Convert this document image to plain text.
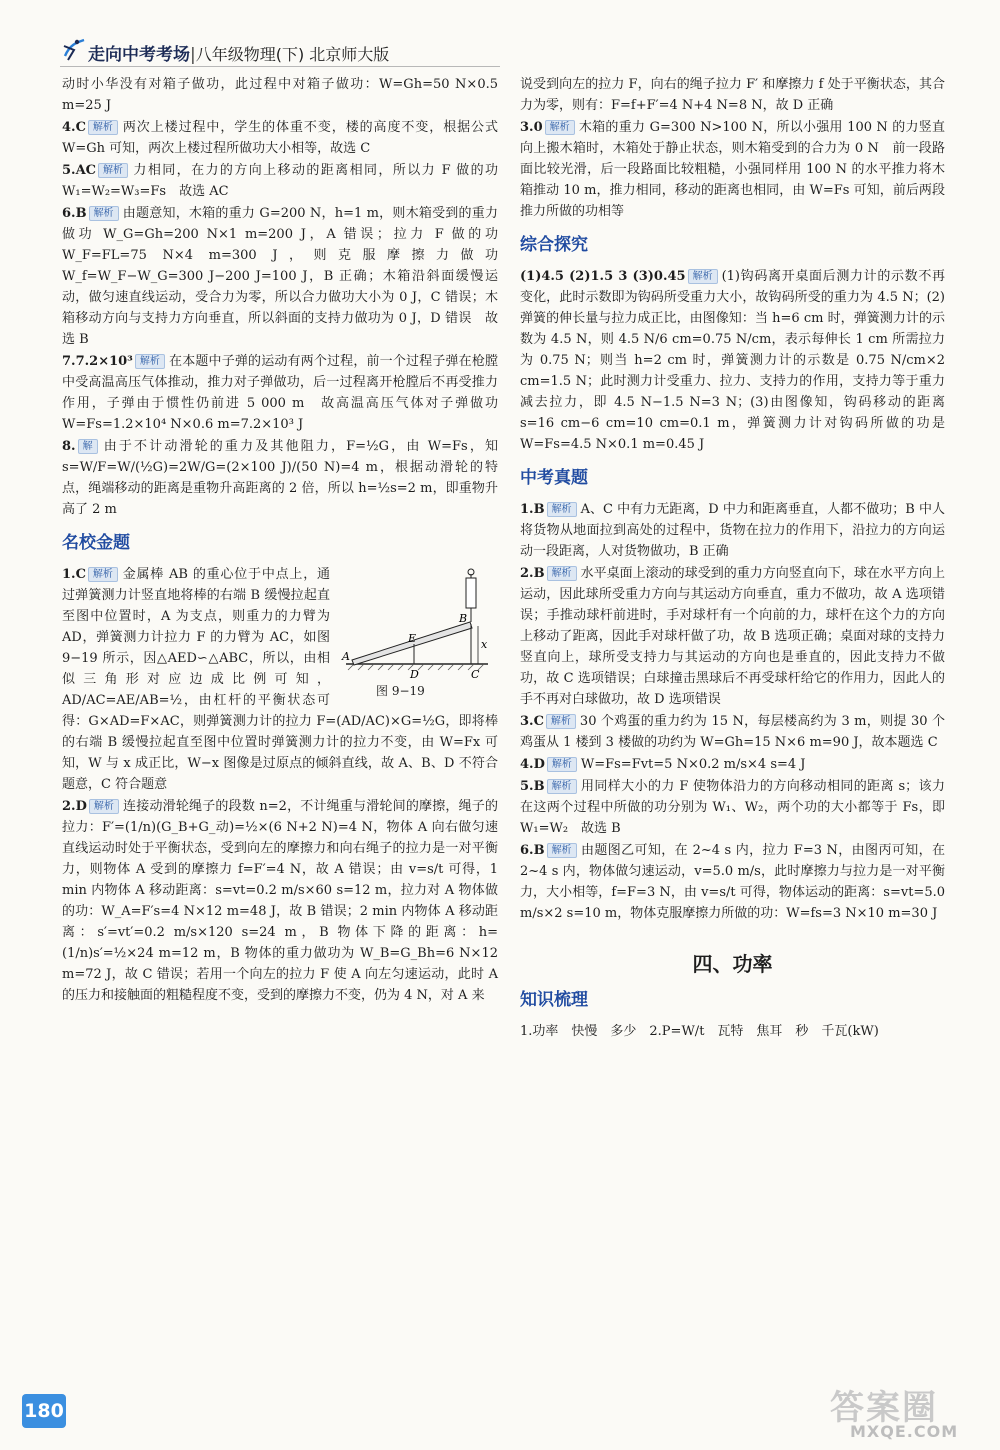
走向中考考场|八年级物理(下) 北京师大版
动时小华没有对箱子做功，此过程中对箱子做功：W=Gh=50 N×0.5 m=25 J
4.C 解析 两次上楼过程中，学生的体重不变，楼的高度不变，根据公式 W=Gh 可知，两次上楼过程所做功大小相等，故选 C
5.AC 解析 力相同，在力的方向上移动的距离相同，所以力 F 做的功 W₁=W₂=W₃=Fs　故选 AC
6.B 解析 由题意知，木箱的重力 G=200 N，h=1 m，则木箱受到的重力做功 W_G=Gh=200 N×1 m=200 J，A 错误；拉力 F 做的功 W_F=FL=75 N×4 m=300 J，则克服摩擦力做功 W_f=W_F−W_G=300 J−200 J=100 J，B 正确；木箱沿斜面缓慢运动，做匀速直线运动，受合力为零，所以合力做功大小为 0 J，C 错误；木箱移动方向与支持力方向垂直，所以斜面的支持力做功为 0 J，D 错误　故选 B
7.7.2×10³ 解析 在本题中子弹的运动有两个过程，前一个过程子弹在枪膛中受高温高压气体推动，推力对子弹做功，后一过程离开枪膛后不再受推力作用，子弹由于惯性仍前进 5 000 m　故高温高压气体对子弹做功 W=Fs=1.2×10⁴ N×0.6 m=7.2×10³ J
8. 解 由于不计动滑轮的重力及其他阻力，F=½G，由 W=Fs，知 s=W/F=W/(½G)=2W/G=(2×100 J)/(50 N)=4 m，根据动滑轮的特点，绳端移动的距离是重物升高距离的 2 倍，所以 h=½s=2 m，即重物升高了 2 m
名校金题
A
B
C
D
E	x
图 9−19
1.C 解析 金属棒 AB 的重心位于中点上，通过弹簧测力计竖直地将棒的右端 B 缓慢拉起直至图中位置时，A 为支点，则重力的力臂为 AD，弹簧测力计拉力 F 的力臂为 AC，如图 9−19 所示，因△AED∽△ABC，所以，由相似三角形对应边成比例可知，AD/AC=AE/AB=½，由杠杆的平衡状态可得：G×AD=F×AC，则弹簧测力计的拉力 F=(AD/AC)×G=½G，即将棒的右端 B 缓慢拉起直至图中位置时弹簧测力计的拉力不变，由 W=Fx 可知，W 与 x 成正比，W−x 图像是过原点的倾斜直线，故 A、B、D 不符合题意，C 符合题意
2.D 解析 连接动滑轮绳子的段数 n=2，不计绳重与滑轮间的摩擦，绳子的拉力：F′=(1/n)(G_B+G_动)=½×(6 N+2 N)=4 N，物体 A 向右做匀速直线运动时处于平衡状态，受到向左的摩擦力和向右绳子的拉力是一对平衡力，则物体 A 受到的摩擦力 f=F′=4 N，故 A 错误；由 v=s/t 可得，1 min 内物体 A 移动距离：s=vt=0.2 m/s×60 s=12 m，拉力对 A 物体做的功：W_A=F′s=4 N×12 m=48 J，故 B 错误；2 min 内物体 A 移动距离：s′=vt′=0.2 m/s×120 s=24 m，B 物体下降的距离：h=(1/n)s′=½×24 m=12 m，B 物体的重力做功为 W_B=G_Bh=6 N×12 m=72 J，故 C 错误；若用一个向左的拉力 F 使 A 向左匀速运动，此时 A 的压力和接触面的粗糙程度不变，受到的摩擦力不变，仍为 4 N，对 A 来
说受到向左的拉力 F，向右的绳子拉力 F′ 和摩擦力 f 处于平衡状态，其合力为零，则有：F=f+F′=4 N+4 N=8 N，故 D 正确
3.0 解析 木箱的重力 G=300 N>100 N，所以小强用 100 N 的力竖直向上搬木箱时，木箱处于静止状态，则木箱受到的合力为 0 N　前一段路面比较光滑，后一段路面比较粗糙，小强同样用 100 N 的水平推力将木箱推动 10 m，推力相同，移动的距离也相同，由 W=Fs 可知，前后两段推力所做的功相等
综合探究
(1)4.5 (2)1.5 3 (3)0.45 解析 (1)钩码离开桌面后测力计的示数不再变化，此时示数即为钩码所受重力大小，故钩码所受的重力为 4.5 N；(2)弹簧的伸长量与拉力成正比，由图像知：当 h=6 cm 时，弹簧测力计的示数为 4.5 N，则 4.5 N/6 cm=0.75 N/cm，表示每伸长 1 cm 所需拉力为 0.75 N；则当 h=2 cm 时，弹簧测力计的示数是 0.75 N/cm×2 cm=1.5 N；此时测力计受重力、拉力、支持力的作用，支持力等于重力减去拉力，即 4.5 N−1.5 N=3 N；(3)由图像知，钩码移动的距离 s=16 cm−6 cm=10 cm=0.1 m，弹簧测力计对钩码所做的功是 W=Fs=4.5 N×0.1 m=0.45 J
中考真题
1.B 解析 A、C 中有力无距离，D 中力和距离垂直，人都不做功；B 中人将货物从地面拉到高处的过程中，货物在拉力的作用下，沿拉力的方向运动一段距离，人对货物做功，B 正确
2.B 解析 水平桌面上滚动的球受到的重力方向竖直向下，球在水平方向上运动，因此球所受重力方向与其运动方向垂直，重力不做功，故 A 选项错误；手推动球杆前进时，手对球杆有一个向前的力，球杆在这个力的方向上移动了距离，因此手对球杆做了功，故 B 选项正确；桌面对球的支持力竖直向上，球所受支持力与其运动的方向也是垂直的，因此支持力不做功，故 C 选项错误；白球撞击黑球后不再受球杆给它的作用力，因此人的手不再对白球做功，故 D 选项错误
3.C 解析 30 个鸡蛋的重力约为 15 N，每层楼高约为 3 m，则提 30 个鸡蛋从 1 楼到 3 楼做的功约为 W=Gh=15 N×6 m=90 J，故本题选 C
4.D 解析 W=Fs=Fvt=5 N×0.2 m/s×4 s=4 J
5.B 解析 用同样大小的力 F 使物体沿力的方向移动相同的距离 s；该力在这两个过程中所做的功分别为 W₁、W₂，两个功的大小都等于 Fs，即 W₁=W₂　故选 B
6.B 解析 由题图乙可知，在 2~4 s 内，拉力 F=3 N，由图丙可知，在 2~4 s 内，物体做匀速运动，v=5.0 m/s，此时摩擦力与拉力是一对平衡力，大小相等，f=F=3 N，由 v=s/t 可得，物体运动的距离：s=vt=5.0 m/s×2 s=10 m，物体克服摩擦力所做的功：W=fs=3 N×10 m=30 J
四、功率
知识梳理
1.功率　快慢　多少　2.P=W/t　瓦特　焦耳　秒　千瓦(kW)
180	答案圈
MXQE.COM
